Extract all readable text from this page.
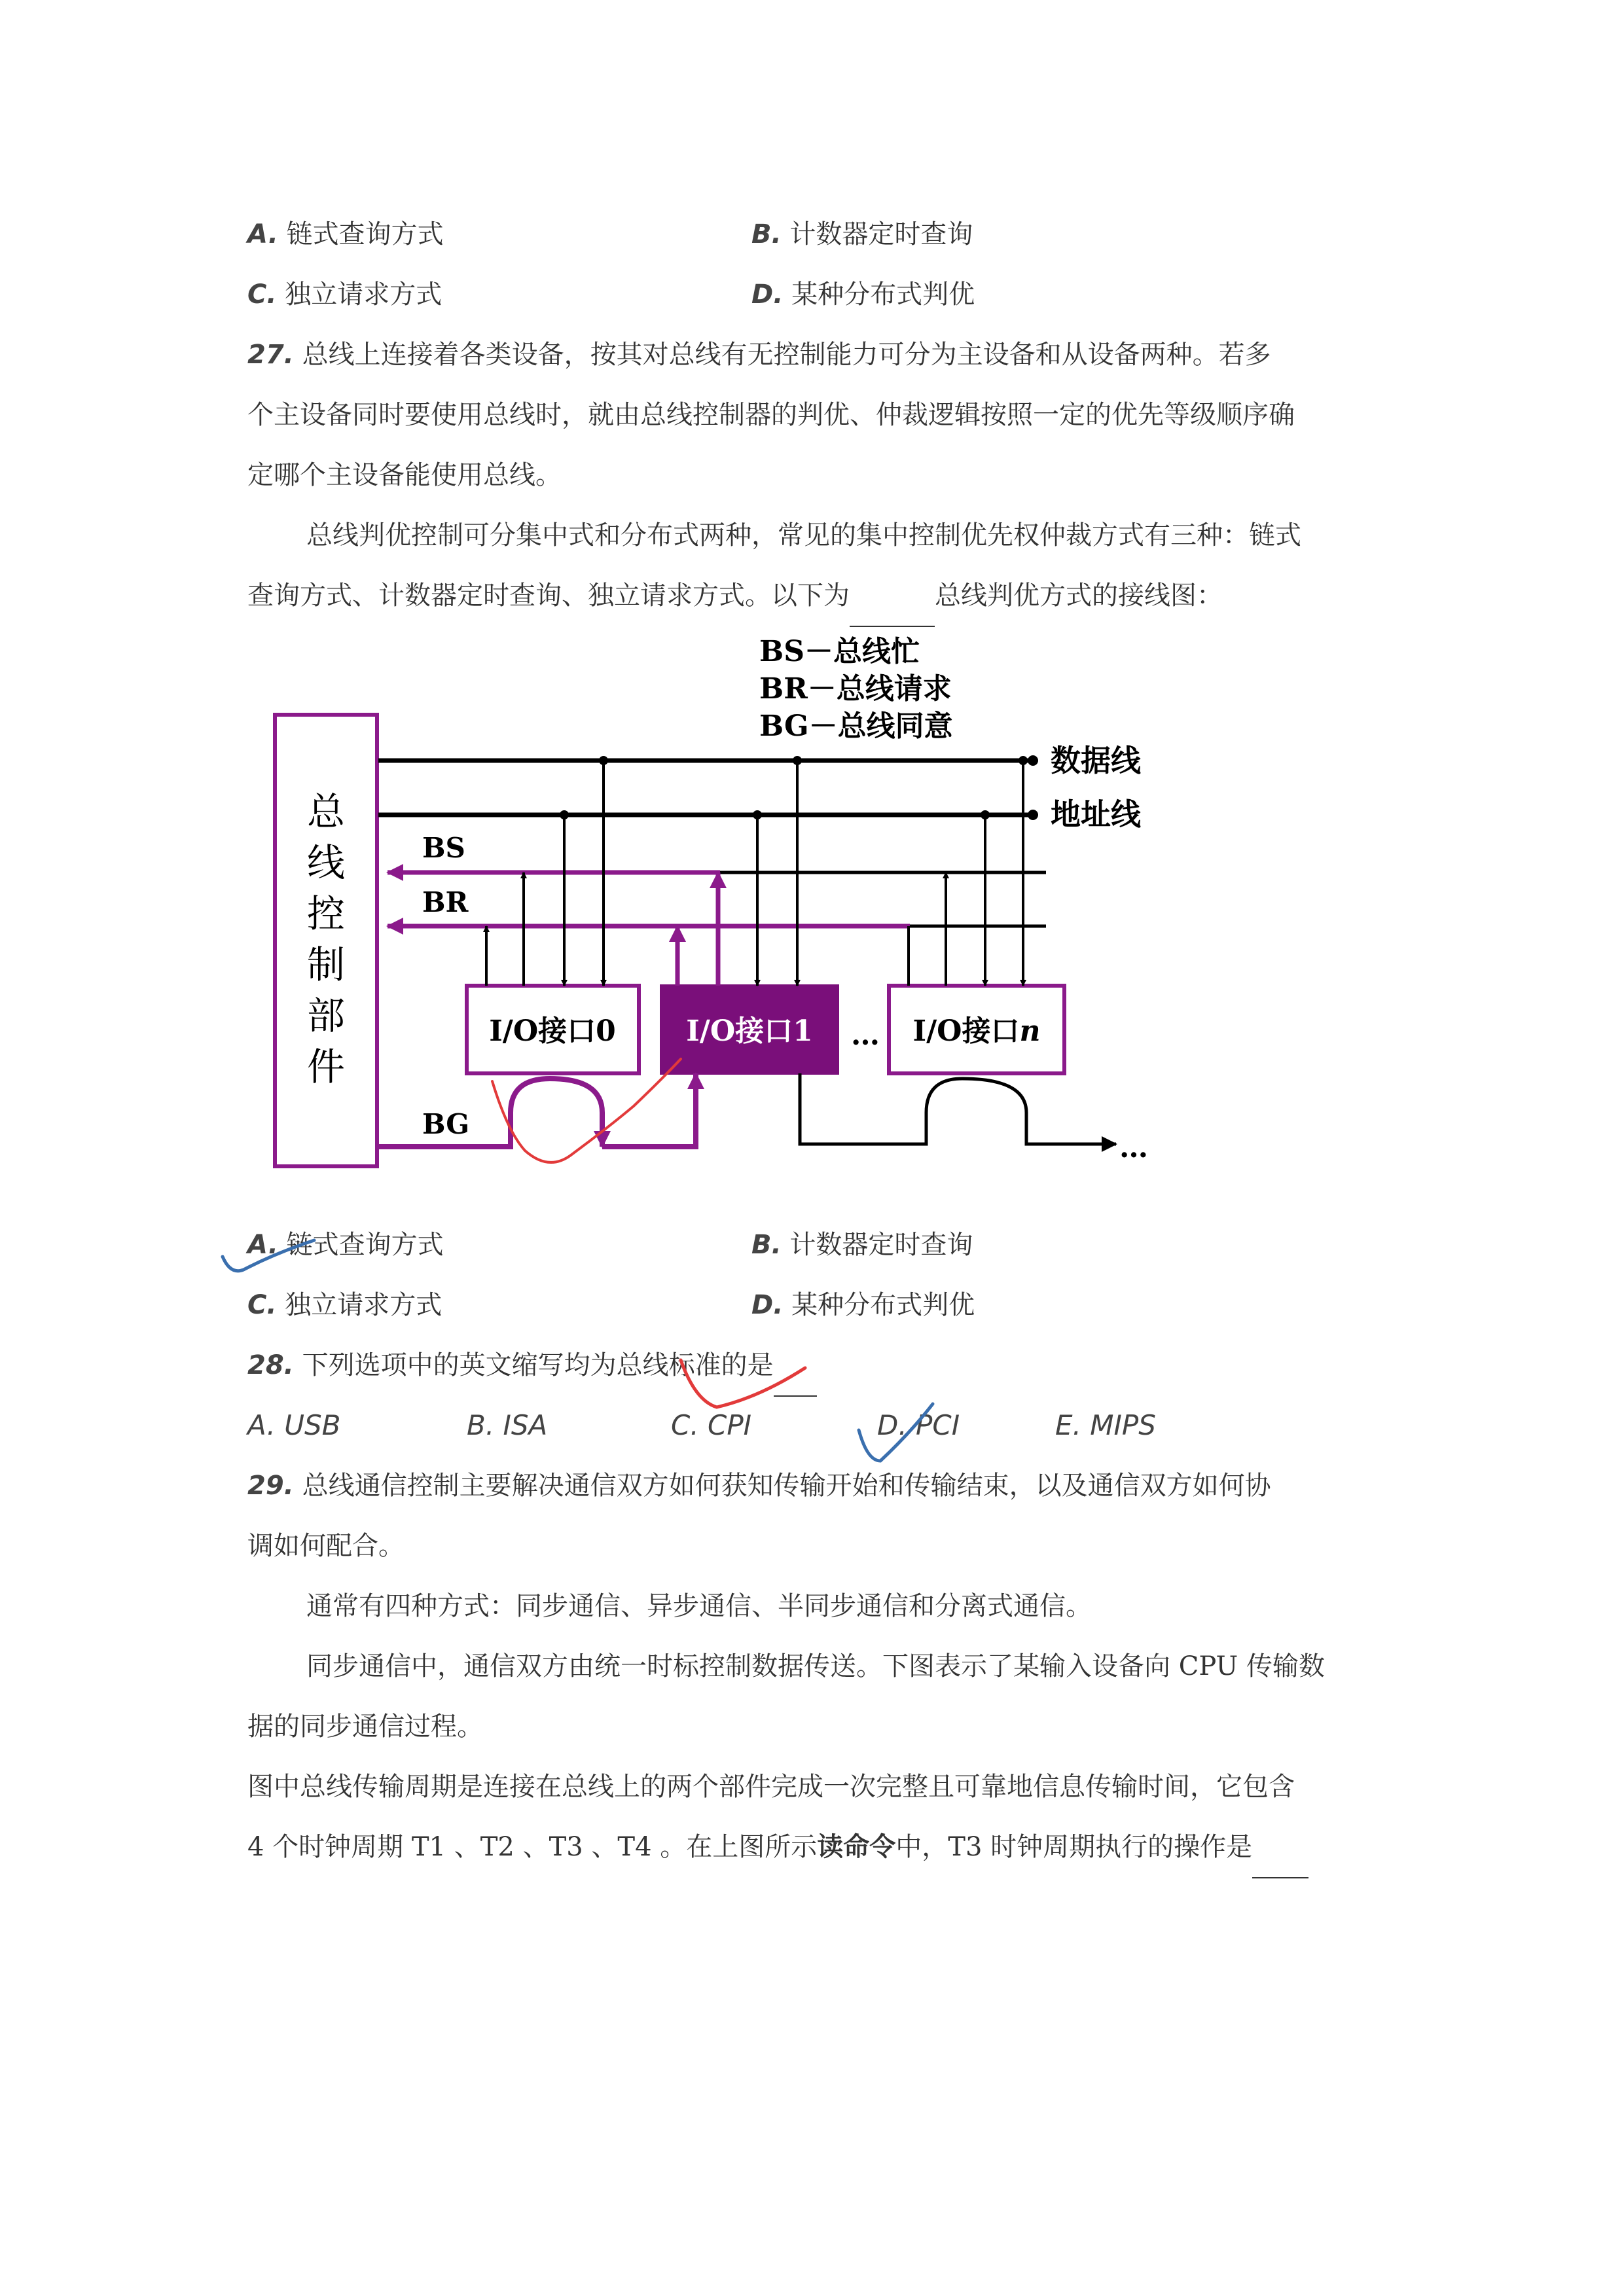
A. 链式查询方式	B. 计数器定时查询
C. 独立请求方式	D. 某种分布式判优
27. 总线上连接着各类设备，按其对总线有无控制能力可分为主设备和从设备两种。若多
个主设备同时要使用总线时，就由总线控制器的判优、仲裁逻辑按照一定的优先等级顺序确
定哪个主设备能使用总线。
总线判优控制可分集中式和分布式两种，常见的集中控制优先权仲裁方式有三种：链式
查询方式、计数器定时查询、独立请求方式。以下为	总线判优方式的接线图：
BS－总线忙
BR－总线请求
BG－总线同意
总
线
控
制
部
件
数据线
地址线
BS
BR
I/O接口0 I/O接口1 … I/O接口n
BG
…
A. 链式查询方式	B. 计数器定时查询
C. 独立请求方式	D. 某种分布式判优
28. 下列选项中的英文缩写均为总线标准的是
A. USB	B. ISA	C. CPI	D. PCI	E. MIPS
29. 总线通信控制主要解决通信双方如何获知传输开始和传输结束，以及通信双方如何协
调如何配合。
通常有四种方式：同步通信、异步通信、半同步通信和分离式通信。
同步通信中，通信双方由统一时标控制数据传送。下图表示了某输入设备向 CPU 传输数
据的同步通信过程。
图中总线传输周期是连接在总线上的两个部件完成一次完整且可靠地信息传输时间，它包含
4 个时钟周期 T1 、T2 、T3 、T4 。在上图所示读命令中，T3 时钟周期执行的操作是
